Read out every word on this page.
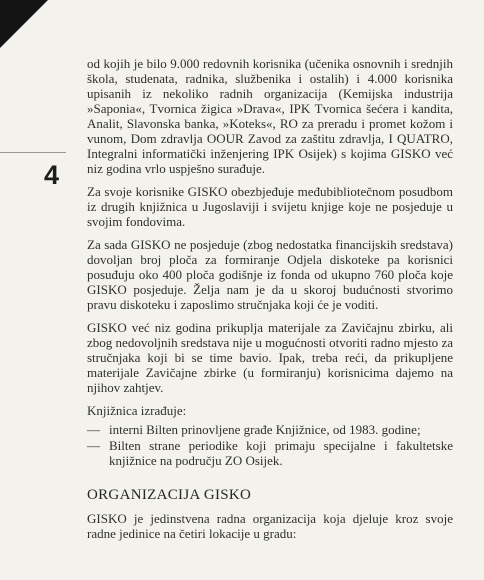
4

od kojih je bilo 9.000 redovnih korisnika (učenika osnovnih i srednjih škola, studenata, radnika, službenika i ostalih) i 4.000 korisnika upisanih iz nekoliko radnih organizacija (Kemijska industrija »Saponia«, Tvornica žigica »Drava«, IPK Tvornica šećera i kandita, Analit, Slavonska banka, »Koteks«, RO za preradu i promet kožom i vunom, Dom zdravlja OOUR Zavod za zaštitu zdravlja, I QUATRO, Integralni informatički inženjering IPK Osijek) s kojima GISKO već niz godina vrlo uspješno surađuje.

Za svoje korisnike GISKO obezbjeđuje međubibliotečnom posudbom iz drugih knjižnica u Jugoslaviji i svijetu knjige koje ne posjeduje u svojim fondovima.

Za sada GISKO ne posjeduje (zbog nedostatka financijskih sredstava) dovoljan broj ploča za formiranje Odjela diskoteke pa korisnici posuđuju oko 400 ploča godišnje iz fonda od ukupno 760 ploča koje GISKO posjeduje. Želja nam je da u skoroj budućnosti stvorimo pravu diskoteku i zaposlimo stručnjaka koji će je voditi.

GISKO već niz godina prikuplja materijale za Zavičajnu zbirku, ali zbog nedovoljnih sredstava nije u mogućnosti otvoriti radno mjesto za stručnjaka koji bi se time bavio. Ipak, treba reći, da prikupljene materijale Zavičajne zbirke (u formiranju) korisnicima dajemo na njihov zahtjev.

Knjižnica izrađuje:

— interni Bilten prinovljene građe Knjižnice, od 1983. godine;
— Bilten strane periodike koji primaju specijalne i fakultetske knjižnice na području ZO Osijek.
ORGANIZACIJA GISKO

GISKO je jedinstvena radna organizacija koja djeluje kroz svoje radne jedinice na četiri lokacije u gradu:
